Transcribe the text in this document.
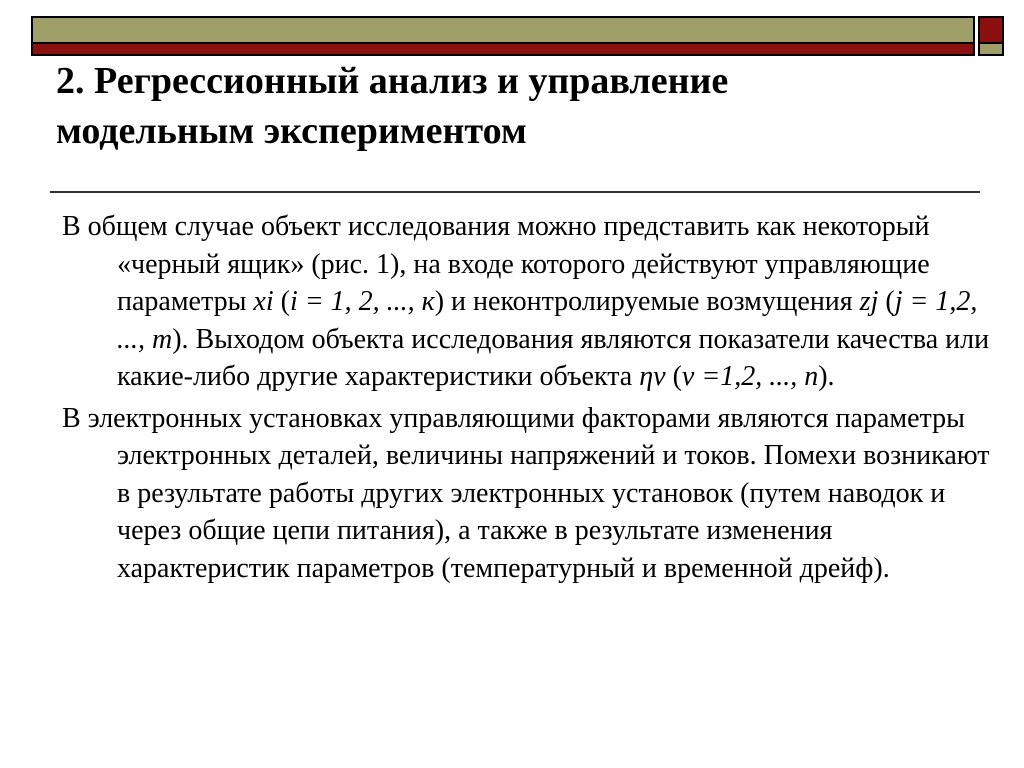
2. Регрессионный анализ и управление
модельным экспериментом

В общем случае объект исследования можно представить как некоторый «черный ящик» (рис. 1), на входе которого действуют управляющие параметры xi (i = 1, 2, ..., к) и неконтролируемые возмущения zj (j = 1,2, ..., m). Выходом объекта исследования являются показатели качества или какие-либо другие характеристики объекта ην (ν =1,2, ..., n).

В электронных установках управляющими факторами являются параметры электронных деталей, величины напряжений и токов. Помехи возникают в результате работы других электронных установок (путем наводок и через общие цепи питания), а также в результате изменения характеристик параметров (температурный и временной дрейф).
